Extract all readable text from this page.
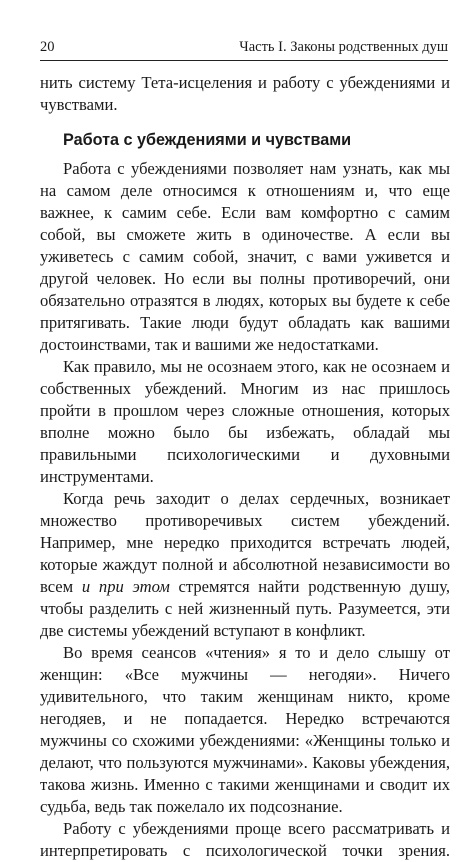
20	Часть I. Законы родственных душ

нить систему Тета-исцеления и работу с убеждениями и чувствами.

Работа с убеждениями и чувствами

Работа с убеждениями позволяет нам узнать, как мы на самом деле относимся к отношениям и, что еще важнее, к самим себе. Если вам комфортно с самим собой, вы сможете жить в одиночестве. А если вы уживетесь с самим собой, значит, с вами уживется и другой человек. Но если вы полны противоречий, они обязательно отразятся в людях, которых вы будете к себе притягивать. Такие люди будут обладать как вашими достоинствами, так и вашими же недостатками.

Как правило, мы не осознаем этого, как не осознаем и собственных убеждений. Многим из нас пришлось пройти в прошлом через сложные отношения, которых вполне можно было бы избежать, обладай мы правильными психологическими и духовными инструментами.

Когда речь заходит о делах сердечных, возникает множество противоречивых систем убеждений. Например, мне нередко приходится встречать людей, которые жаждут полной и абсолютной независимости во всем и при этом стремятся найти родственную душу, чтобы разделить с ней жизненный путь. Разумеется, эти две системы убеждений вступают в конфликт.

Во время сеансов «чтения» я то и дело слышу от женщин: «Все мужчины — негодяи». Ничего удивительного, что таким женщинам никто, кроме негодяев, и не попадается. Нередко встречаются мужчины со схожими убеждениями: «Женщины только и делают, что пользуются мужчинами». Каковы убеждения, такова жизнь. Именно с такими женщинами и сводит их судьба, ведь так пожелало их подсознание.

Работу с убеждениями проще всего рассматривать и интерпретировать с психологической точки зрения.
